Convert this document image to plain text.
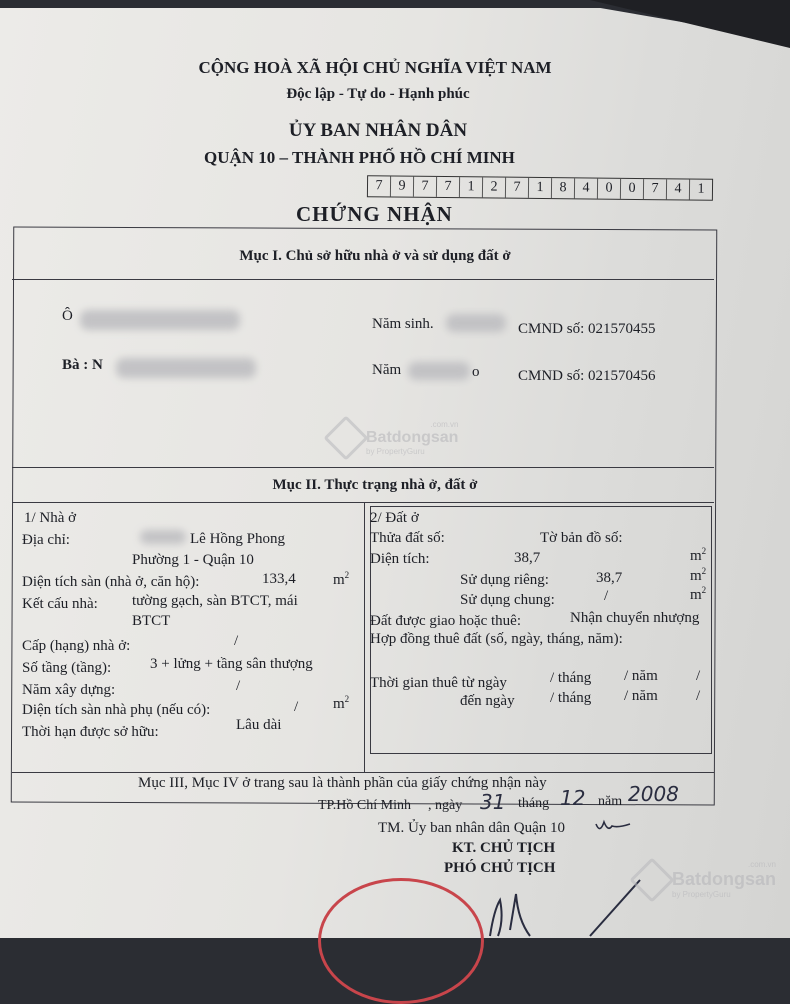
CỘNG HOÀ XÃ HỘI CHỦ NGHĨA VIỆT NAM
Độc lập - Tự do - Hạnh phúc
ỦY BAN NHÂN DÂN
QUẬN 10 – THÀNH PHỐ HỒ CHÍ MINH
7	9	7	7	1	2	7	1	8	4	0	0	7	4	1
CHỨNG NHẬN
Mục I. Chủ sở hữu nhà ở và sử dụng đất ở
Ô	Năm sinh.	CMND số: 021570455
Bà : N	Năm	o	CMND số: 021570456
.com.vn
Batdongsan
by PropertyGuru
Mục II. Thực trạng nhà ở, đất ở
1/ Nhà ở
Địa chỉ:	Lê Hồng Phong
Phường 1 - Quận 10
Diện tích sàn (nhà ở, căn hộ):	133,4 $m^2$
Kết cấu nhà: tường gạch, sàn BTCT, mái
BTCT
Cấp (hạng) nhà ở:	/
Số tầng (tầng):	3 + lửng + tầng sân thượng
Năm xây dựng:	/
Diện tích sàn nhà phụ (nếu có):	/ $m^2$
Thời hạn được sở hữu:	Lâu dài
2/ Đất ở
Thửa đất số:	Tờ bản đồ số:
Diện tích:	38,7	$m^2$
Sử dụng riêng:	38,7	$m^2$
Sử dụng chung:	/	$m^2$
Đất được giao hoặc thuê:	Nhận chuyển nhượng
Hợp đồng thuê đất (số, ngày, tháng, năm):
Thời gian thuê từ ngày	/ tháng / năm	/
đến ngày / tháng / năm	/
Mục III, Mục IV ở trang sau là thành phần của giấy chứng nhận này
TP.Hồ Chí Minh , ngày 31 tháng 12 năm 2008
TM. Ủy ban nhân dân Quận 10
KT. CHỦ TỊCH
PHÓ CHỦ TỊCH	.com.vn
Batdongsan
by PropertyGuru
